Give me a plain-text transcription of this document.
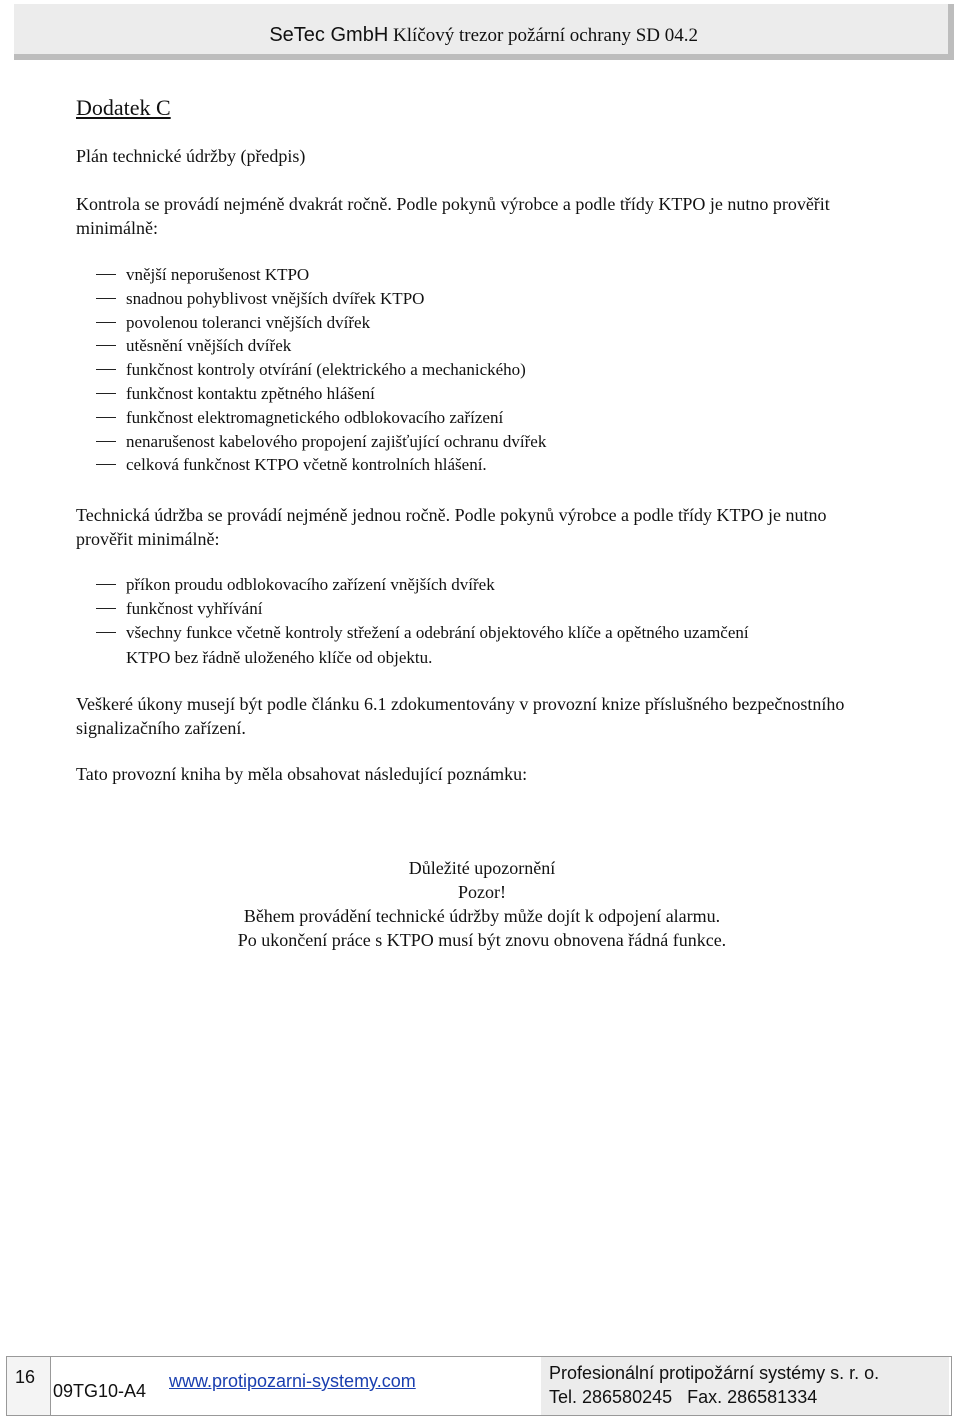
SeTec GmbH Klíčový trezor požární ochrany SD 04.2
Dodatek C
Plán technické údržby (předpis)
Kontrola se provádí nejméně dvakrát ročně. Podle pokynů výrobce a podle třídy KTPO je nutno prověřit
minimálně:
vnější neporušenost KTPO
snadnou pohyblivost vnějších dvířek KTPO
povolenou toleranci vnějších dvířek
utěsnění vnějších dvířek
funkčnost kontroly otvírání (elektrického a mechanického)
funkčnost kontaktu zpětného hlášení
funkčnost elektromagnetického odblokovacího zařízení
nenarušenost kabelového propojení zajišťující ochranu dvířek
celková funkčnost KTPO včetně kontrolních hlášení.
Technická údržba se provádí nejméně jednou ročně. Podle pokynů výrobce a podle třídy KTPO je nutno
prověřit minimálně:
příkon proudu odblokovacího zařízení vnějších dvířek
funkčnost vyhřívání
všechny funkce včetně kontroly střežení a odebrání objektového klíče a opětného uzamčení
KTPO bez řádně uloženého klíče od objektu.
Veškeré úkony musejí být podle článku 6.1 zdokumentovány v provozní knize příslušného bezpečnostního
signalizačního zařízení.
Tato provozní kniha by měla obsahovat následující poznámku:
Důležité upozornění
Pozor!
Během provádění technické údržby může dojít k odpojení alarmu.
Po ukončení práce s KTPO musí být znovu obnovena řádná funkce.
16
09TG10-A4 www.protipozarni-systemy.com	Profesionální protipožární systémy s. r. o.
Tel. 286580245   Fax. 286581334
